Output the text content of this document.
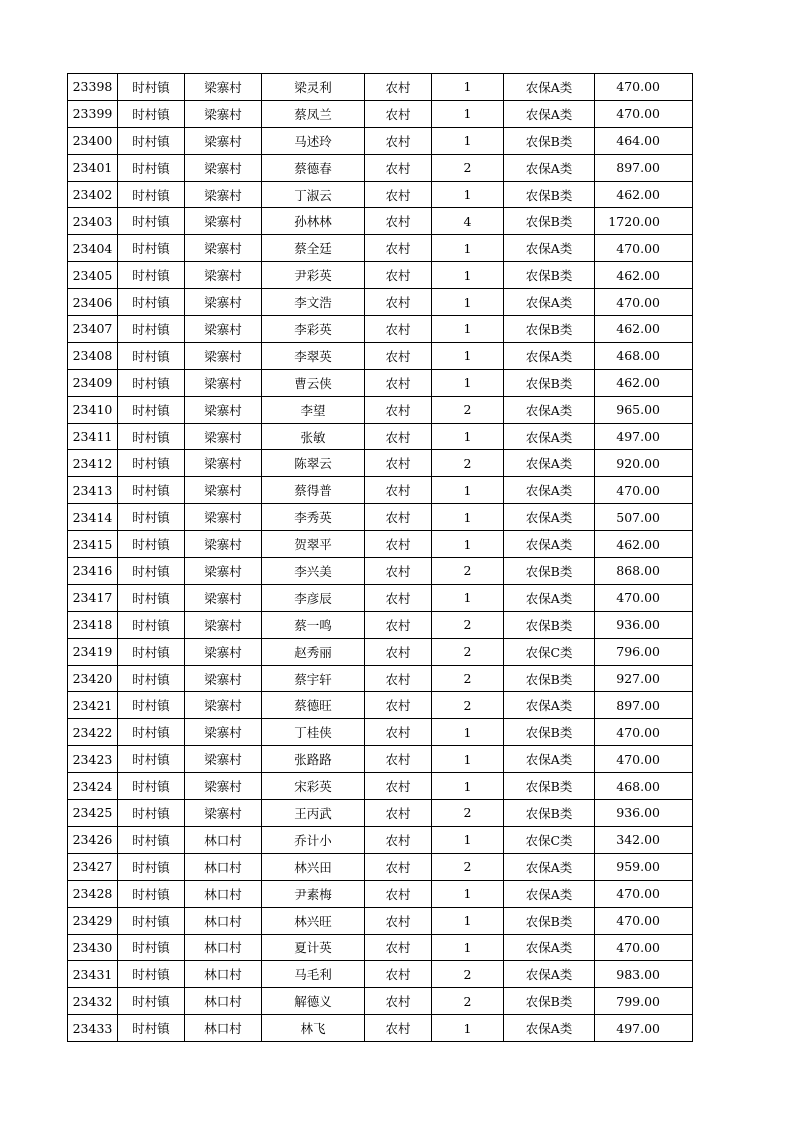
23398	时村镇	梁寨村	梁灵利	农村	1	农保A类	470.00
23399	时村镇	梁寨村	蔡凤兰	农村	1	农保A类	470.00
23400	时村镇	梁寨村	马述玲	农村	1	农保B类	464.00
23401	时村镇	梁寨村	蔡德春	农村	2	农保A类	897.00
23402	时村镇	梁寨村	丁淑云	农村	1	农保B类	462.00
23403	时村镇	梁寨村	孙林林	农村	4	农保B类	1720.00
23404	时村镇	梁寨村	蔡全廷	农村	1	农保A类	470.00
23405	时村镇	梁寨村	尹彩英	农村	1	农保B类	462.00
23406	时村镇	梁寨村	李文浩	农村	1	农保A类	470.00
23407	时村镇	梁寨村	李彩英	农村	1	农保B类	462.00
23408	时村镇	梁寨村	李翠英	农村	1	农保A类	468.00
23409	时村镇	梁寨村	曹云侠	农村	1	农保B类	462.00
23410	时村镇	梁寨村	李望	农村	2	农保A类	965.00
23411	时村镇	梁寨村	张敏	农村	1	农保A类	497.00
23412	时村镇	梁寨村	陈翠云	农村	2	农保A类	920.00
23413	时村镇	梁寨村	蔡得普	农村	1	农保A类	470.00
23414	时村镇	梁寨村	李秀英	农村	1	农保A类	507.00
23415	时村镇	梁寨村	贺翠平	农村	1	农保A类	462.00
23416	时村镇	梁寨村	李兴美	农村	2	农保B类	868.00
23417	时村镇	梁寨村	李彦辰	农村	1	农保A类	470.00
23418	时村镇	梁寨村	蔡一鸣	农村	2	农保B类	936.00
23419	时村镇	梁寨村	赵秀丽	农村	2	农保C类	796.00
23420	时村镇	梁寨村	蔡宇轩	农村	2	农保B类	927.00
23421	时村镇	梁寨村	蔡德旺	农村	2	农保A类	897.00
23422	时村镇	梁寨村	丁桂侠	农村	1	农保B类	470.00
23423	时村镇	梁寨村	张路路	农村	1	农保A类	470.00
23424	时村镇	梁寨村	宋彩英	农村	1	农保B类	468.00
23425	时村镇	梁寨村	王丙武	农村	2	农保B类	936.00
23426	时村镇	林口村	乔计小	农村	1	农保C类	342.00
23427	时村镇	林口村	林兴田	农村	2	农保A类	959.00
23428	时村镇	林口村	尹素梅	农村	1	农保A类	470.00
23429	时村镇	林口村	林兴旺	农村	1	农保B类	470.00
23430	时村镇	林口村	夏计英	农村	1	农保A类	470.00
23431	时村镇	林口村	马毛利	农村	2	农保A类	983.00
23432	时村镇	林口村	解德义	农村	2	农保B类	799.00
23433	时村镇	林口村	林飞	农村	1	农保A类	497.00
